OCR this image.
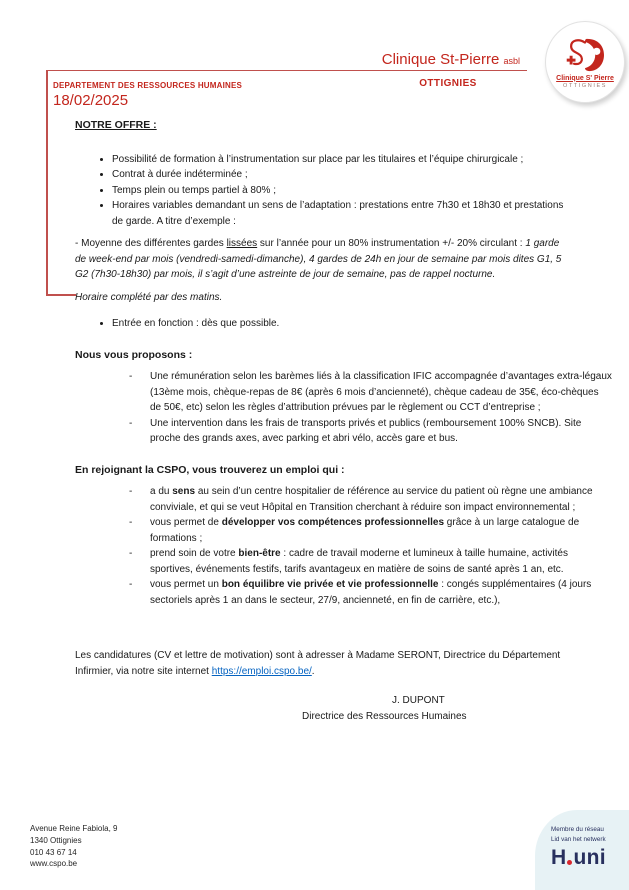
DEPARTEMENT DES RESSOURCES HUMAINES
18/02/2025
Clinique St-Pierre asbl
OTTIGNIES	Clinique S' Pierre
OTTIGNIES
NOTRE OFFRE :
• Possibilité de formation à l’instrumentation sur place par les titulaires et l’équipe chirurgicale ;
• Contrat à durée indéterminée ;
• Temps plein ou temps partiel à 80% ;
• Horaires variables demandant un sens de l’adaptation : prestations entre 7h30 et 18h30 et prestations de garde. A titre d’exemple :
- Moyenne des différentes gardes lissées sur l’année pour un 80% instrumentation +/- 20% circulant : 1 garde de week-end par mois (vendredi-samedi-dimanche), 4 gardes de 24h en jour de semaine par mois dites G1, 5 G2 (7h30-18h30) par mois, il s’agit d’une astreinte de jour de semaine, pas de rappel nocturne.
Horaire complété par des matins.
• Entrée en fonction : dès que possible.
Nous vous proposons :
- Une rémunération selon les barèmes liés à la classification IFIC accompagnée d’avantages extra-légaux (13ème mois, chèque-repas de 8€ (après 6 mois d’ancienneté), chèque cadeau de 35€, éco-chèques de 50€, etc) selon les règles d’attribution prévues par le règlement ou CCT d’entreprise ;
- Une intervention dans les frais de transports privés et publics (remboursement 100% SNCB). Site proche des grands axes, avec parking et abri vélo, accès gare et bus.
En rejoignant la CSPO, vous trouverez un emploi qui :
- a du sens au sein d’un centre hospitalier de référence au service du patient où règne une ambiance conviviale, et qui se veut Hôpital en Transition cherchant à réduire son impact environnemental ;
- vous permet de développer vos compétences professionnelles grâce à un large catalogue de formations ;
- prend soin de votre bien-être : cadre de travail moderne et lumineux à taille humaine, activités sportives, événements festifs, tarifs avantageux en matière de soins de santé après 1 an, etc.
- vous permet un bon équilibre vie privée et vie professionnelle : congés supplémentaires (4 jours sectoriels après 1 an dans le secteur, 27/9, ancienneté, en fin de carrière, etc.),
Les candidatures (CV et lettre de motivation) sont à adresser à Madame SERONT, Directrice du Département Infirmier, via notre site internet https://emploi.cspo.be/.
J. DUPONT
Directrice des Ressources Humaines
Avenue Reine Fabiola, 9
1340 Ottignies
010 43 67 14
www.cspo.be
Membre du réseau
Lid van het netwerk
H uni
